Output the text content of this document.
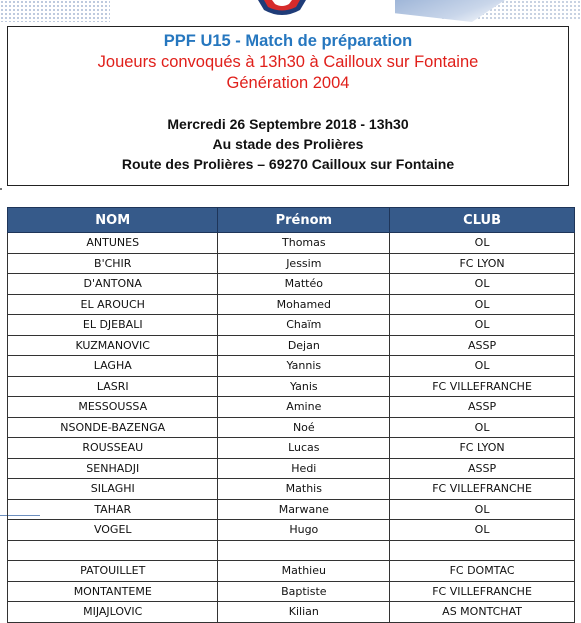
PPF U15 - Match de préparation
Joueurs convoqués à 13h30 à Cailloux sur Fontaine
Génération 2004
Mercredi 26 Septembre 2018 - 13h30
Au stade des Prolières
Route des Prolières – 69270 Cailloux sur Fontaine
NOM	Prénom	CLUB
ANTUNES	Thomas	OL
B'CHIR	Jessim	FC LYON
D'ANTONA	Mattéo	OL
EL AROUCH	Mohamed	OL
EL DJEBALI	Chaïm	OL
KUZMANOVIC	Dejan	ASSP
LAGHA	Yannis	OL
LASRI	Yanis	FC VILLEFRANCHE
MESSOUSSA	Amine	ASSP
NSONDE-BAZENGA	Noé	OL
ROUSSEAU	Lucas	FC LYON
SENHADJI	Hedi	ASSP
SILAGHI	Mathis	FC VILLEFRANCHE
TAHAR	Marwane	OL
VOGEL	Hugo	OL

PATOUILLET	Mathieu	FC DOMTAC
MONTANTEME	Baptiste	FC VILLEFRANCHE
MIJAJLOVIC	Kilian	AS MONTCHAT
